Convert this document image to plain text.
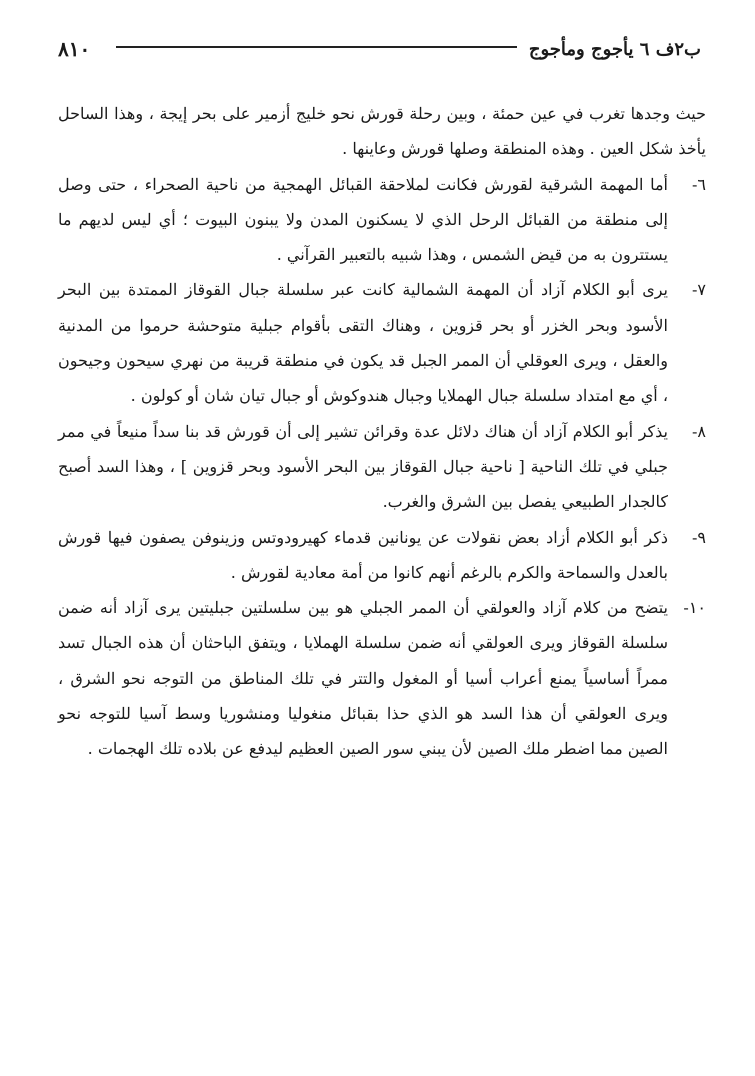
٨١٠	ب٢ف ٦ يأجوج ومأجوج

حيث وجدها تغرب في عين حمئة ، وبين رحلة قورش نحو خليج أزمير على بحر إيجة ، وهذا الساحل يأخذ شكل العين . وهذه المنطقة وصلها قورش وعاينها .

٦-

أما المهمة الشرقية لقورش فكانت لملاحقة القبائل الهمجية من ناحية الصحراء ، حتى وصل إلى منطقة من القبائل الرحل الذي لا يسكنون المدن ولا يبنون البيوت ؛ أي ليس لديهم ما يستترون به من قيض الشمس ، وهذا شبيه بالتعبير القرآني .

٧-

يرى أبو الكلام آزاد أن المهمة الشمالية كانت عبر سلسلة جبال القوقاز الممتدة بين البحر الأسود وبحر الخزر أو بحر قزوين ، وهناك التقى بأقوام جبلية متوحشة حرموا من المدنية والعقل ، ويرى العوقلي أن الممر الجبل قد يكون في منطقة قريبة من نهري سيحون وجيحون ، أي مع امتداد سلسلة جبال الهملايا وجبال هندوكوش أو جبال تيان شان أو كولون .

٨-

يذكر أبو الكلام آزاد أن هناك دلائل عدة وقرائن تشير إلى أن قورش قد بنا سداً منيعاً في ممر جبلي في تلك الناحية [ ناحية جبال القوقاز بين البحر الأسود وبحر قزوين ] ، وهذا السد أصبح كالجدار الطبيعي يفصل بين الشرق والغرب.

٩-

ذكر أبو الكلام أزاد بعض نقولات عن يونانين قدماء كهيرودوتس وزينوفن يصفون فيها قورش بالعدل والسماحة والكرم بالرغم أنهم كانوا من أمة معادية لقورش .

١٠-

يتضح من كلام آزاد والعولقي أن الممر الجبلي هو بين سلسلتين جبليتين يرى آزاد أنه ضمن سلسلة القوقاز ويرى العولقي أنه ضمن سلسلة الهملايا ، ويتفق الباحثان أن هذه الجبال تسد ممراً أساسياً يمنع أعراب أسيا أو المغول والتتر في تلك المناطق من التوجه نحو الشرق ، ويرى العولقي أن هذا السد هو الذي حذا بقبائل منغوليا ومنشوريا وسط آسيا للتوجه نحو الصين مما اضطر ملك الصين لأن يبني سور الصين العظيم ليدفع عن بلاده تلك الهجمات .
